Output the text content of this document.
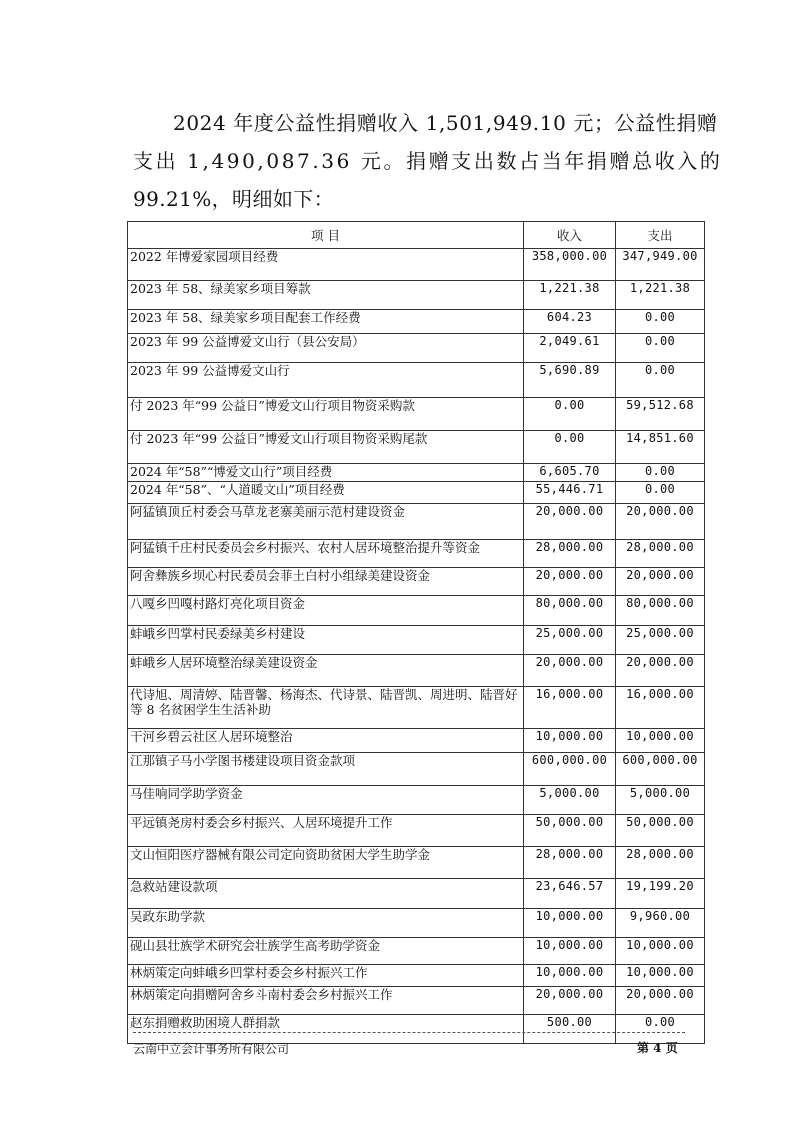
2024 年度公益性捐赠收入 1,501,949.10 元；公益性捐赠
支出 1,490,087.36 元。捐赠支出数占当年捐赠总收入的
99.21%，明细如下：

项 目	收入	支出
2022 年博爱家园项目经费	358,000.00	347,949.00
2023 年 58、绿美家乡项目筹款	1,221.38	1,221.38
2023 年 58、绿美家乡项目配套工作经费	604.23	0.00
2023 年 99 公益博爱文山行（县公安局）	2,049.61	0.00
2023 年 99 公益博爱文山行	5,690.89	0.00
付 2023 年“99 公益日”博爱文山行项目物资采购款	0.00	59,512.68
付 2023 年“99 公益日”博爱文山行项目物资采购尾款	0.00	14,851.60
2024 年“58”“博爱文山行”项目经费	6,605.70	0.00
2024 年“58”、“人道暖文山”项目经费	55,446.71	0.00
阿猛镇顶丘村委会马草龙老寨美丽示范村建设资金	20,000.00	20,000.00
阿猛镇千庄村民委员会乡村振兴、农村人居环境整治提升等资金	28,000.00	28,000.00
阿舍彝族乡坝心村民委员会菲土白村小组绿美建设资金	20,000.00	20,000.00
八嘎乡凹嘎村路灯亮化项目资金	80,000.00	80,000.00
蚌峨乡凹掌村民委绿美乡村建设	25,000.00	25,000.00
蚌峨乡人居环境整治绿美建设资金	20,000.00	20,000.00
代诗旭、周清婷、陆晋馨、杨海杰、代诗景、陆晋凯、周进明、陆晋好等 8 名贫困学生生活补助	16,000.00	16,000.00
干河乡碧云社区人居环境整治	10,000.00	10,000.00
江那镇子马小学图书楼建设项目资金款项	600,000.00	600,000.00
马佳响同学助学资金	5,000.00	5,000.00
平远镇尧房村委会乡村振兴、人居环境提升工作	50,000.00	50,000.00
文山恒阳医疗器械有限公司定向资助贫困大学生助学金	28,000.00	28,000.00
急救站建设款项	23,646.57	19,199.20
吴政东助学款	10,000.00	9,960.00
砚山县壮族学术研究会壮族学生高考助学资金	10,000.00	10,000.00
林炳策定向蚌峨乡凹掌村委会乡村振兴工作	10,000.00	10,000.00
林炳策定向捐赠阿舍乡斗南村委会乡村振兴工作	20,000.00	20,000.00
赵东捐赠救助困境人群捐款	500.00	0.00
云南中立会计事务所有限公司	第 4 页
